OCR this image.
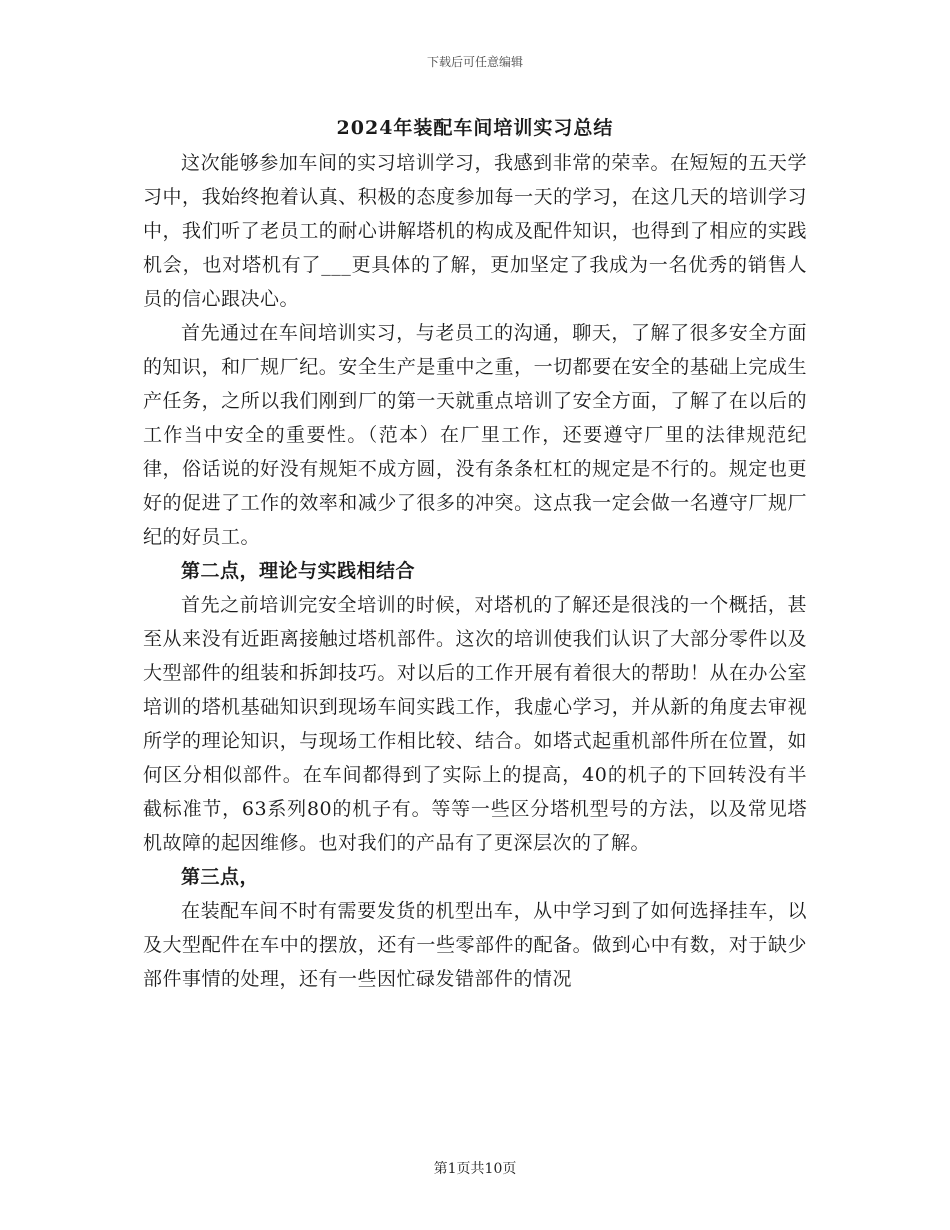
下载后可任意编辑
2024年装配车间培训实习总结

这次能够参加车间的实习培训学习，我感到非常的荣幸。在短短的五天学习中，我始终抱着认真、积极的态度参加每一天的学习，在这几天的培训学习中，我们听了老员工的耐心讲解塔机的构成及配件知识，也得到了相应的实践机会，也对塔机有了___更具体的了解，更加坚定了我成为一名优秀的销售人员的信心跟决心。

首先通过在车间培训实习，与老员工的沟通，聊天，了解了很多安全方面的知识，和厂规厂纪。安全生产是重中之重，一切都要在安全的基础上完成生产任务，之所以我们刚到厂的第一天就重点培训了安全方面，了解了在以后的工作当中安全的重要性。（范本）在厂里工作，还要遵守厂里的法律规范纪律，俗话说的好没有规矩不成方圆，没有条条杠杠的规定是不行的。规定也更好的促进了工作的效率和减少了很多的冲突。这点我一定会做一名遵守厂规厂纪的好员工。

第二点，理论与实践相结合

首先之前培训完安全培训的时候，对塔机的了解还是很浅的一个概括，甚至从来没有近距离接触过塔机部件。这次的培训使我们认识了大部分零件以及大型部件的组装和拆卸技巧。对以后的工作开展有着很大的帮助！从在办公室培训的塔机基础知识到现场车间实践工作，我虚心学习，并从新的角度去审视所学的理论知识，与现场工作相比较、结合。如塔式起重机部件所在位置，如何区分相似部件。在车间都得到了实际上的提高，40的机子的下回转没有半截标准节，63系列80的机子有。等等一些区分塔机型号的方法，以及常见塔机故障的起因维修。也对我们的产品有了更深层次的了解。

第三点，

在装配车间不时有需要发货的机型出车，从中学习到了如何选择挂车，以及大型配件在车中的摆放，还有一些零部件的配备。做到心中有数，对于缺少部件事情的处理，还有一些因忙碌发错部件的情况

第1页共10页
